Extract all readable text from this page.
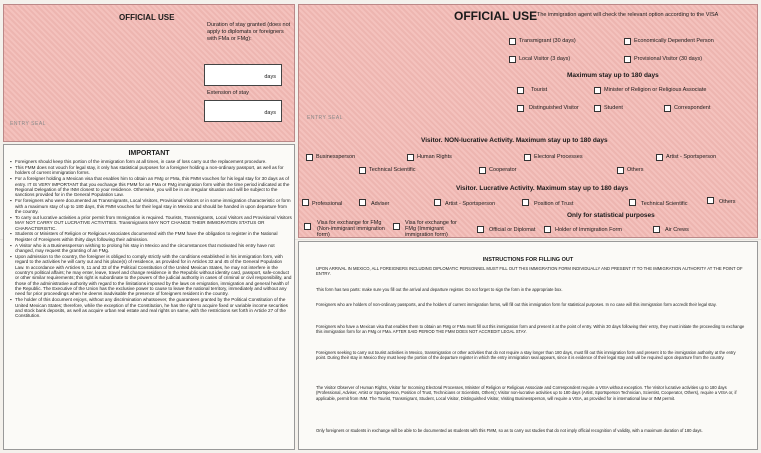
OFFICIAL USE
Duration of stay granted (does not apply to diplomats or foreigners with FMa or FMg):
days
Extension of stay
days
ENTRY SEAL
OFFICIAL USE The immigration agent will check the relevant option according to the VISA
Transmigrant (30 days)	Economically Dependent Person
Local Visitor (3 days)	Provisional Visitor (30 days)
Maximum stay up to 180 days
Tourist	Minister of Religion or Religious Associate
Distinguished Visitor	Student	Correspondent
ENTRY SEAL
Visitor. NON-lucrative Activity. Maximum stay up to 180 days
Businessperson	Human Rights	Electoral Processes	Artist - Sportsperson
Technical Scientific	Cooperator	Others
Visitor. Lucrative Activity. Maximum stay up to 180 days
Professional	Adviser	Artist - Sportsperson	Position of Trust	Technical Scientific	Others
Only for statistical purposes
Visa for exchange for FMg (Non-immigrant immigration form)
Visa for exchange for FMg (Immigrant immigration form)
Official or Diplomat	Holder of Immigration Form	Air Crews
IMPORTANT
▪ Foreigners should keep this portion of the immigration form at all times, in case of loss carry out the replacement procedure.
▪ This FMM does not vouch for legal stay, it only has statistical purposes for a foreigner holding a non-ordinary passport, as well as for holders of current immigration forms.
▪ For a foreigner holding a Mexican visa that enables him to obtain an FMg or FMa, this FMM vouches for his legal stay for 30 days as of entry. IT IS VERY IMPORTANT that you exchange this FMM for an FMa or FMg immigration form within the time period indicated at the Regional Delegation of the INM closest to your residence. Otherwise, you will be in an irregular situation and will be subject to the sanctions provided for in the General Population Law.
▪ For foreigners who were documented as Transmigrants, Local Visitors, Provisional Visitors or in some immigration characteristic or form with a maximum stay of up to 180 days, this FMM vouches for their legal stay in Mexico and should be handed in upon departure from the country.
▪ To carry out lucrative activities a prior permit from Immigration is required. Tourists, Transmigrants, Local Visitors and Provisional Visitors MAY NOT CARRY OUT LUCRATIVE ACTIVITIES. Transmigrants MAY NOT CHANGE THEIR IMMIGRATION STATUS OR CHARACTERISTIC.
▪ Students or Ministers of Religion or Religious Associates documented with the FMM have the obligation to register in the National Register of Foreigners within thirty days following their admission.
▪ A Visitor who is a Businessperson wishing to prolong his stay in Mexico and the circumstances that motivated his entry have not changed, may request the granting of an FMg.
▪ Upon admission to the country, the foreigner is obliged to comply strictly with the conditions established in his immigration form, with regard to the activities he will carry out and his place(s) of residence, as provided for in Articles 32 and 45 of the General Population Law. In accordance with Articles 9, 11 and 33 of the Political Constitution of the United Mexican States, he may not interfere in the country's political affairs; he may enter, leave, travel and change residence in the Republic without identity card, passport, safe-conduct or other similar requirements; this right is subordinate to the powers of the judicial authority in cases of criminal or civil responsibility, and those of the administrative authority with regard to the limitations imposed by the laws on emigration, immigration and general health of the Republic. The Executive of the Union has the exclusive power to cause to leave the national territory, immediately and without any need for prior proceedings when he deems inadvisable the presence of foreigners resident in the country.
▪ The holder of this document enjoys, without any discrimination whatsoever, the guarantees granted by the Political Constitution of the United Mexican States; therefore, while the exception of the Constitution, he has the right to acquire fixed or variable income securities and stock bank deposits, as well as acquire urban real estate and real rights on same, with the restrictions set forth in Article 27 of the Constitution.
INSTRUCTIONS FOR FILLING OUT
UPON ARRIVAL IN MEXICO, ALL FOREIGNERS INCLUDING DIPLOMATIC PERSONNEL MUST FILL OUT THIS IMMIGRATION FORM INDIVIDUALLY AND PRESENT IT TO THE IMMIGRATION AUTHORITY AT THE POINT OF ENTRY.
This form has two parts: make sure you fill out the arrival and departure register. Do not forget to sign the form in the appropriate box.
Foreigners who are holders of non-ordinary passports, and the holders of current immigration forms, will fill out this immigration form for statistical purposes. In no case will this immigration form accredit their legal stay.
Foreigners who have a Mexican visa that enables them to obtain an FMg or FMa must fill out this immigration form and present it at the point of entry. Within 30 days following their entry, they must initiate the proceeding to exchange this immigration form for an FMg or FMa. AFTER SAID PERIOD THE FMM DOES NOT ACCREDIT LEGAL STAY.
Foreigners seeking to carry out tourist activities in Mexico, transmigration or other activities that do not require a stay longer than 180 days, must fill out this immigration form and present it to the immigration authority at the entry point. During their stay in Mexico they must keep the portion of the departure register in which the entry immigration seal appears, since it is evidence of their legal stay and will be required upon departure from the country.
The Visitor Observer of Human Rights, Visitor for Incoming Electoral Processes, Minister of Religion or Religious Associate and Correspondent require a VISA without exception. The Visitor lucrative activities up to 180 days (Professional, Adviser, Artist or Sportsperson, Position of Trust, Technicians or Scientists, Others); Visitor non-lucrative activities up to 180 days (Artist, Sportsperson Technician, Scientist, Cooperator, Others), require a VISA or, if applicable, permit from INM. The Tourist, Transmigrant, Student, Local Visitor, Distinguished Visitor, Visiting Businessperson, will require a VISA, as provided for in international law or INM permit.
Only foreigners or students in exchange will be able to be documented as students with this FMM, so as to carry out studies that do not imply official recognition of validity, with a maximum duration of 180 days.
